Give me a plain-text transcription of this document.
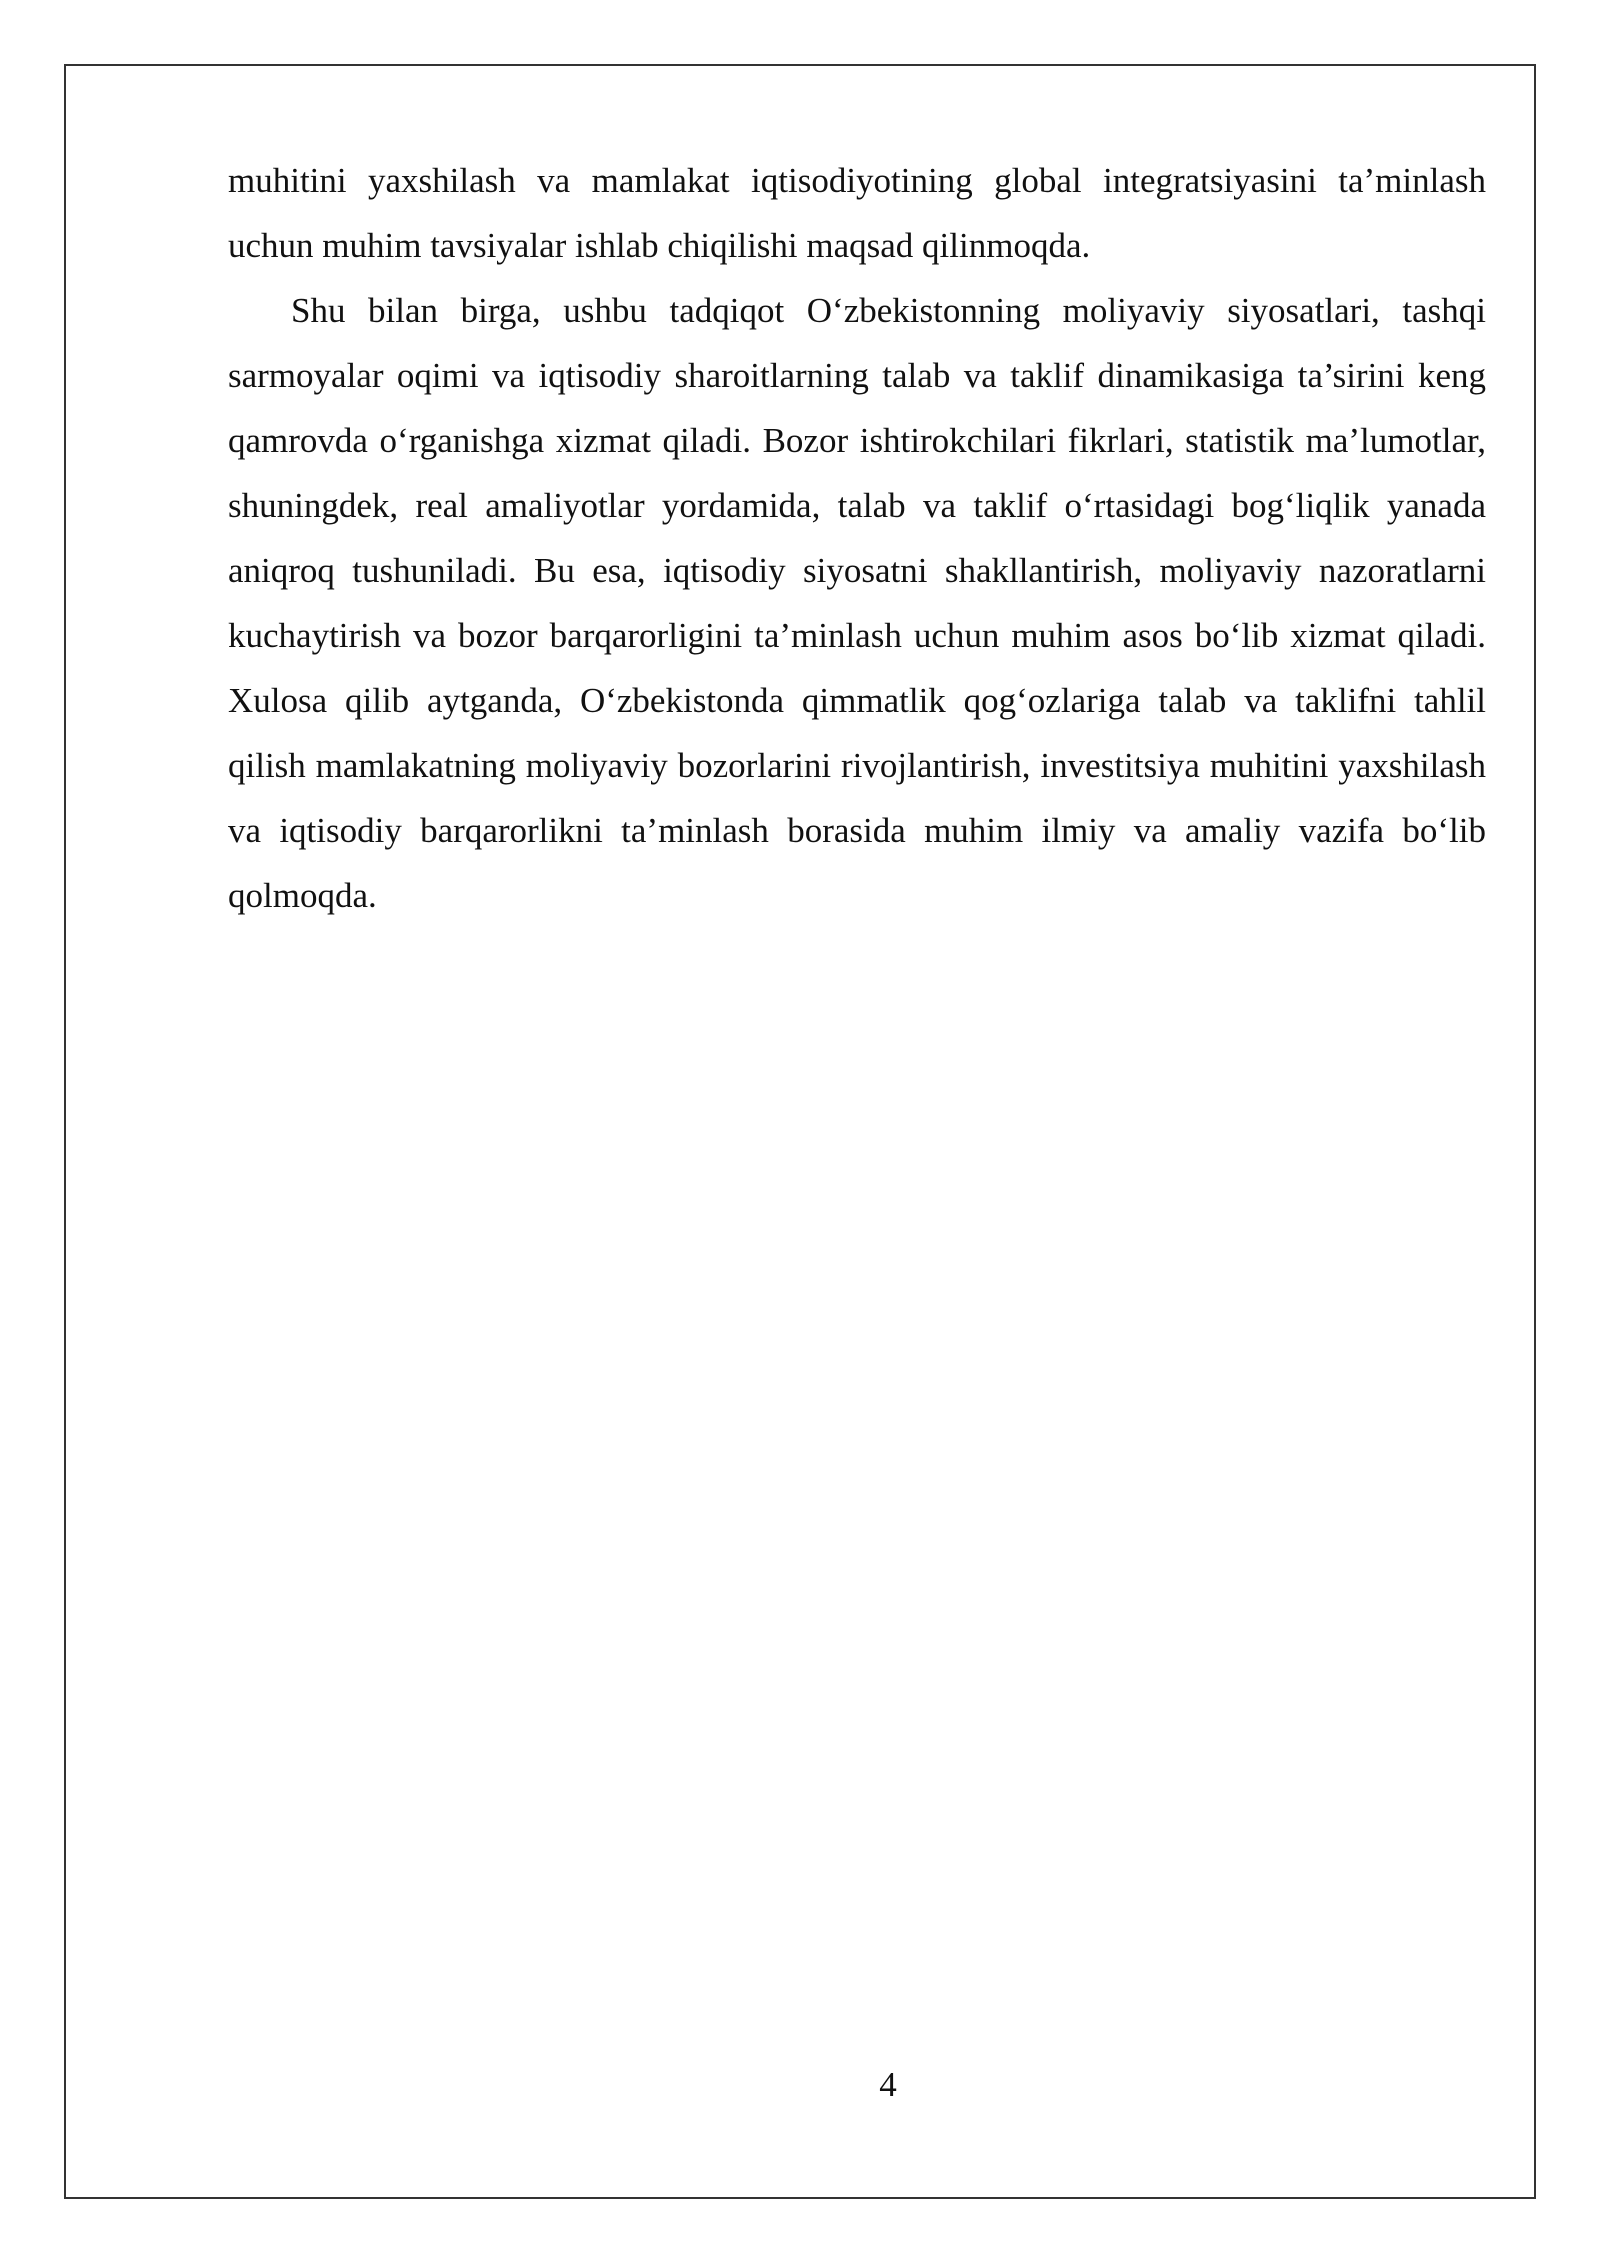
muhitini yaxshilash va mamlakat iqtisodiyotining global integratsiyasini ta’minlash uchun muhim tavsiyalar ishlab chiqilishi maqsad qilinmoqda.

Shu bilan birga, ushbu tadqiqot O‘zbekistonning moliyaviy siyosatlari, tashqi sarmoyalar oqimi va iqtisodiy sharoitlarning talab va taklif dinamikasiga ta’sirini keng qamrovda o‘rganishga xizmat qiladi. Bozor ishtirokchilari fikrlari, statistik ma’lumotlar, shuningdek, real amaliyotlar yordamida, talab va taklif o‘rtasidagi bog‘liqlik yanada aniqroq tushuniladi. Bu esa, iqtisodiy siyosatni shakllantirish, moliyaviy nazoratlarni kuchaytirish va bozor barqarorligini ta’minlash uchun muhim asos bo‘lib xizmat qiladi. Xulosa qilib aytganda, O‘zbekistonda qimmatlik qog‘ozlariga talab va taklifni tahlil qilish mamlakatning moliyaviy bozorlarini rivojlantirish, investitsiya muhitini yaxshilash va iqtisodiy barqarorlikni ta’minlash borasida muhim ilmiy va amaliy vazifa bo‘lib qolmoqda.

4
